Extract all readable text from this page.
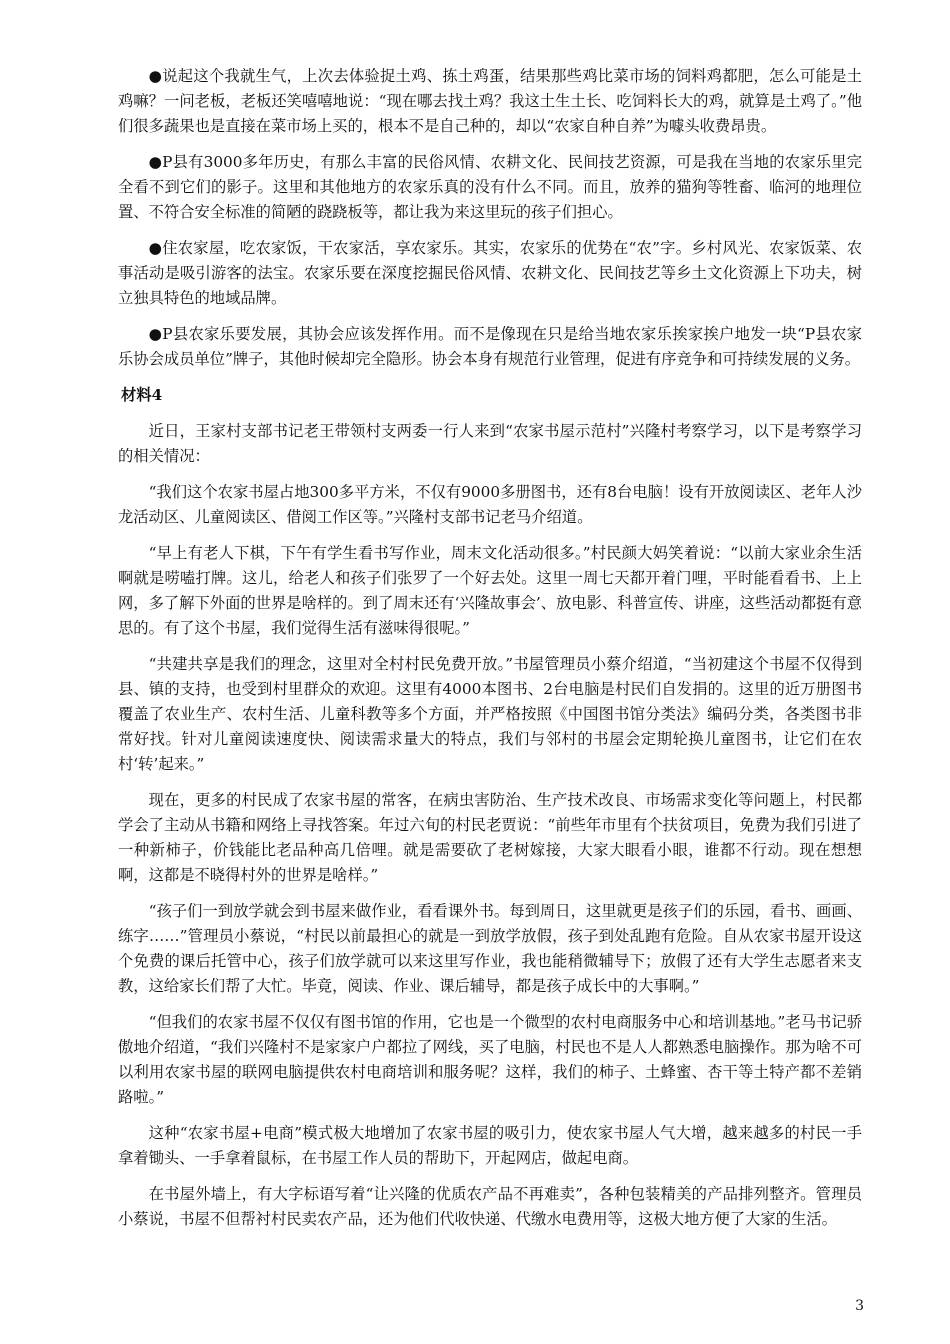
●说起这个我就生气，上次去体验捉土鸡、拣土鸡蛋，结果那些鸡比菜市场的饲料鸡都肥，怎么可能是土鸡嘛？一问老板，老板还笑嘻嘻地说：“现在哪去找土鸡？我这土生土长、吃饲料长大的鸡，就算是土鸡了。”他们很多蔬果也是直接在菜市场上买的，根本不是自己种的，却以“农家自种自养”为噱头收费昂贵。

●P县有3000多年历史，有那么丰富的民俗风情、农耕文化、民间技艺资源，可是我在当地的农家乐里完全看不到它们的影子。这里和其他地方的农家乐真的没有什么不同。而且，放养的猫狗等牲畜、临河的地理位置、不符合安全标准的简陋的跷跷板等，都让我为来这里玩的孩子们担心。

●住农家屋，吃农家饭，干农家活，享农家乐。其实，农家乐的优势在“农”字。乡村风光、农家饭菜、农事活动是吸引游客的法宝。农家乐要在深度挖掘民俗风情、农耕文化、民间技艺等乡土文化资源上下功夫，树立独具特色的地域品牌。

●P县农家乐要发展，其协会应该发挥作用。而不是像现在只是给当地农家乐挨家挨户地发一块“P县农家乐协会成员单位”牌子，其他时候却完全隐形。协会本身有规范行业管理，促进有序竞争和可持续发展的义务。

材料4

近日，王家村支部书记老王带领村支两委一行人来到“农家书屋示范村”兴隆村考察学习，以下是考察学习的相关情况：

“我们这个农家书屋占地300多平方米，不仅有9000多册图书，还有8台电脑！设有开放阅读区、老年人沙龙活动区、儿童阅读区、借阅工作区等。”兴隆村支部书记老马介绍道。

“早上有老人下棋，下午有学生看书写作业，周末文化活动很多。”村民颜大妈笑着说：“以前大家业余生活啊就是唠嗑打牌。这儿，给老人和孩子们张罗了一个好去处。这里一周七天都开着门哩，平时能看看书、上上网，多了解下外面的世界是啥样的。到了周末还有‘兴隆故事会’、放电影、科普宣传、讲座，这些活动都挺有意思的。有了这个书屋，我们觉得生活有滋味得很呢。”

“共建共享是我们的理念，这里对全村村民免费开放。”书屋管理员小蔡介绍道，“当初建这个书屋不仅得到县、镇的支持，也受到村里群众的欢迎。这里有4000本图书、2台电脑是村民们自发捐的。这里的近万册图书覆盖了农业生产、农村生活、儿童科教等多个方面，并严格按照《中国图书馆分类法》编码分类，各类图书非常好找。针对儿童阅读速度快、阅读需求量大的特点，我们与邻村的书屋会定期轮换儿童图书，让它们在农村‘转’起来。”

现在，更多的村民成了农家书屋的常客，在病虫害防治、生产技术改良、市场需求变化等问题上，村民都学会了主动从书籍和网络上寻找答案。年过六旬的村民老贾说：“前些年市里有个扶贫项目，免费为我们引进了一种新柿子，价钱能比老品种高几倍哩。就是需要砍了老树嫁接，大家大眼看小眼，谁都不行动。现在想想啊，这都是不晓得村外的世界是啥样。”

“孩子们一到放学就会到书屋来做作业，看看课外书。每到周日，这里就更是孩子们的乐园，看书、画画、练字……”管理员小蔡说，“村民以前最担心的就是一到放学放假，孩子到处乱跑有危险。自从农家书屋开设这个免费的课后托管中心，孩子们放学就可以来这里写作业，我也能稍微辅导下；放假了还有大学生志愿者来支教，这给家长们帮了大忙。毕竟，阅读、作业、课后辅导，都是孩子成长中的大事啊。”

“但我们的农家书屋不仅仅有图书馆的作用，它也是一个微型的农村电商服务中心和培训基地。”老马书记骄傲地介绍道，“我们兴隆村不是家家户户都拉了网线，买了电脑，村民也不是人人都熟悉电脑操作。那为啥不可以利用农家书屋的联网电脑提供农村电商培训和服务呢？这样，我们的柿子、土蜂蜜、杏干等土特产都不差销路啦。”

这种“农家书屋+电商”模式极大地增加了农家书屋的吸引力，使农家书屋人气大增，越来越多的村民一手拿着锄头、一手拿着鼠标，在书屋工作人员的帮助下，开起网店，做起电商。

在书屋外墙上，有大字标语写着“让兴隆的优质农产品不再难卖”，各种包装精美的产品排列整齐。管理员小蔡说，书屋不但帮衬村民卖农产品，还为他们代收快递、代缴水电费用等，这极大地方便了大家的生活。

3
